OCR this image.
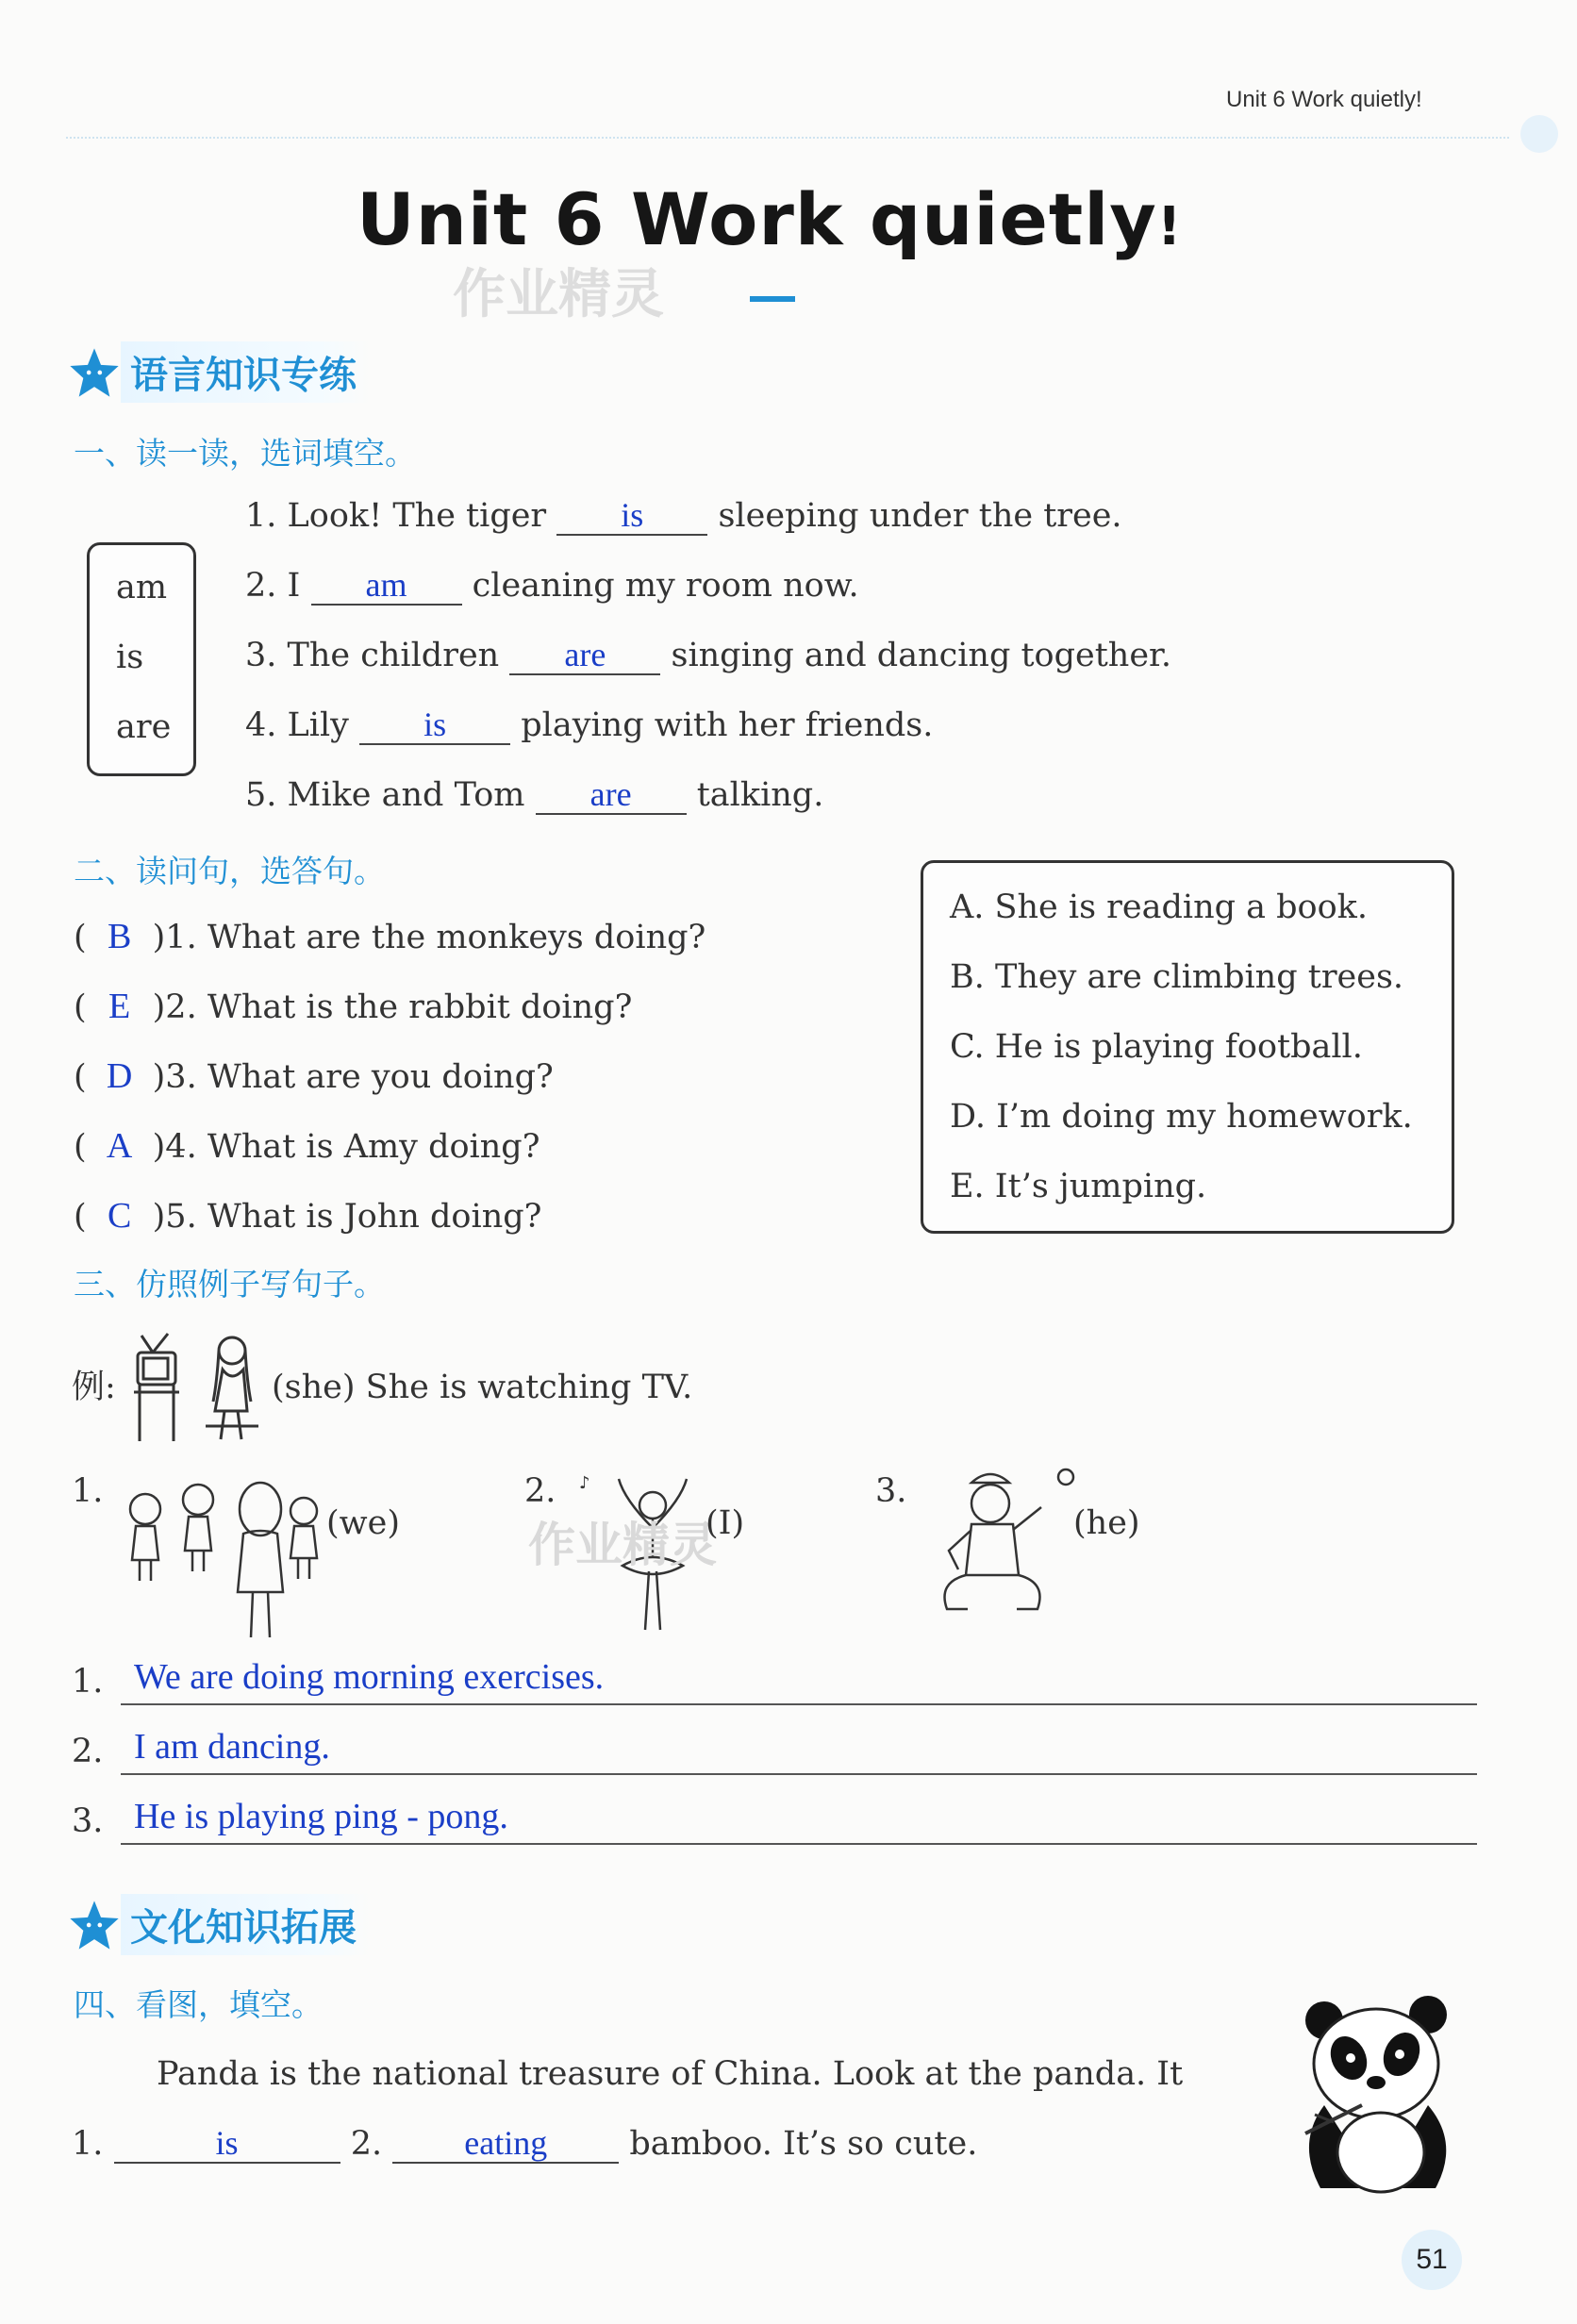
Unit 6 Work quietly!
Unit 6 Work quietly!
作业精灵
语言知识专练
一、读一读，选词填空。
am
is
are
1. Look! The tiger is sleeping under the tree.
2. I am cleaning my room now.
3. The children are singing and dancing together.
4. Lily is playing with her friends.
5. Mike and Tom are talking.
二、读问句，选答句。
( B )1. What are the monkeys doing?
( E )2. What is the rabbit doing?
( D )3. What are you doing?
( A )4. What is Amy doing?
( C )5. What is John doing?
A. She is reading a book.
B. They are climbing trees.
C. He is playing football.
D. I’m doing my homework.
E. It’s jumping.
三、仿照例子写句子。
例:	(she) She is watching TV.
1.
(we)
2. ♪
作业精灵
(I)
3.
(he)
1. We are doing morning exercises.
2. I am dancing.
3. He is playing ping - pong.
文化知识拓展
四、看图，填空。
Panda is the national treasure of China. Look at the panda. It
1.	is	2. eating bamboo. It’s so cute.
51
